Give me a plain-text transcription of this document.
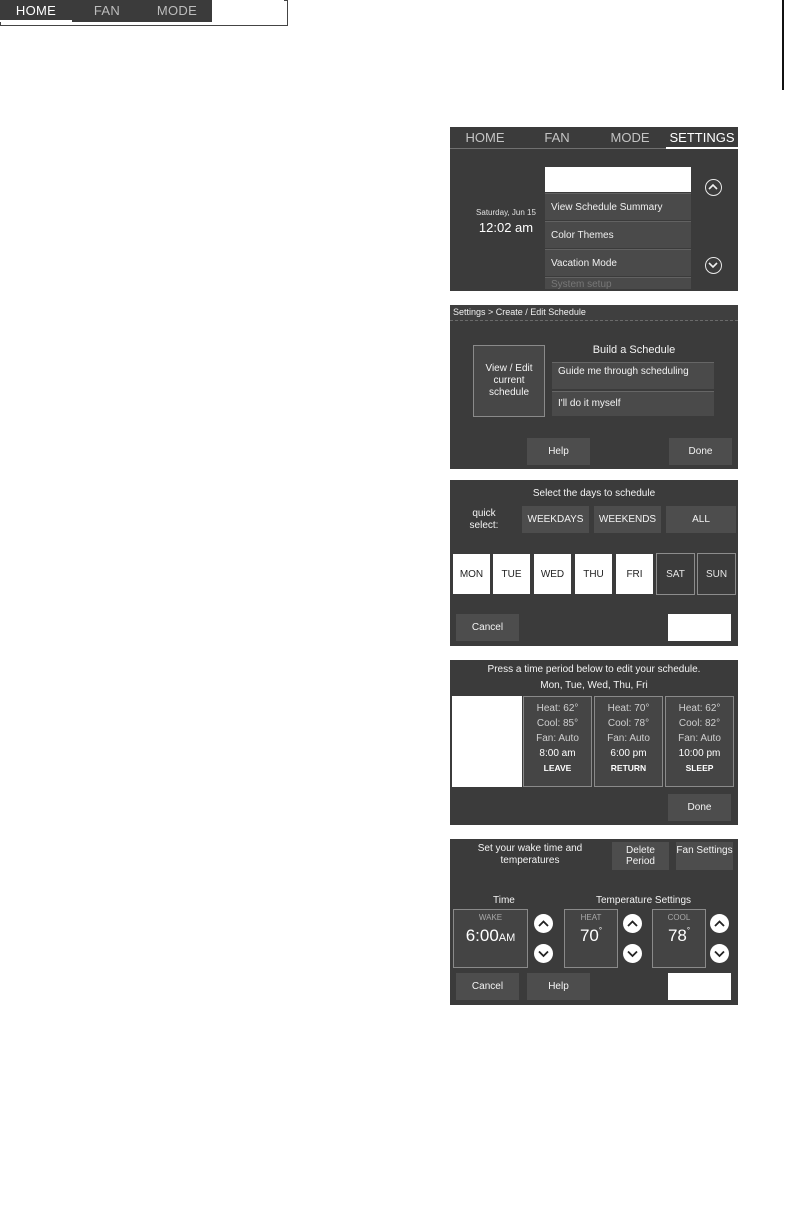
HOME	FAN	MODE
HOME	FAN	MODE	SETTINGS
Saturday, Jun 15
12:02 am
View Schedule Summary
Color Themes
Vacation Mode
System setup
Settings > Create / Edit Schedule
View / Edit current schedule
Build a Schedule
Guide me through scheduling
I'll do it myself
Help	Done
Select the days to schedule
quick select:
WEEKDAYS	WEEKENDS	ALL
MON	TUE	WED	THU	FRI	SAT	SUN
Cancel
Press a time period below to edit your schedule.
Mon, Tue, Wed, Thu, Fri
Heat: 62°
Cool: 85°
Fan: Auto
8:00 am
LEAVE
Heat: 70°
Cool: 78°
Fan: Auto
6:00 pm
RETURN
Heat: 62°
Cool: 82°
Fan: Auto
10:00 pm
SLEEP
Done
Set your wake time and temperatures
Delete Period
Fan Settings
Time	Temperature Settings
WAKE
6:00AM
HEAT
70°
COOL
78°
Cancel	Help
